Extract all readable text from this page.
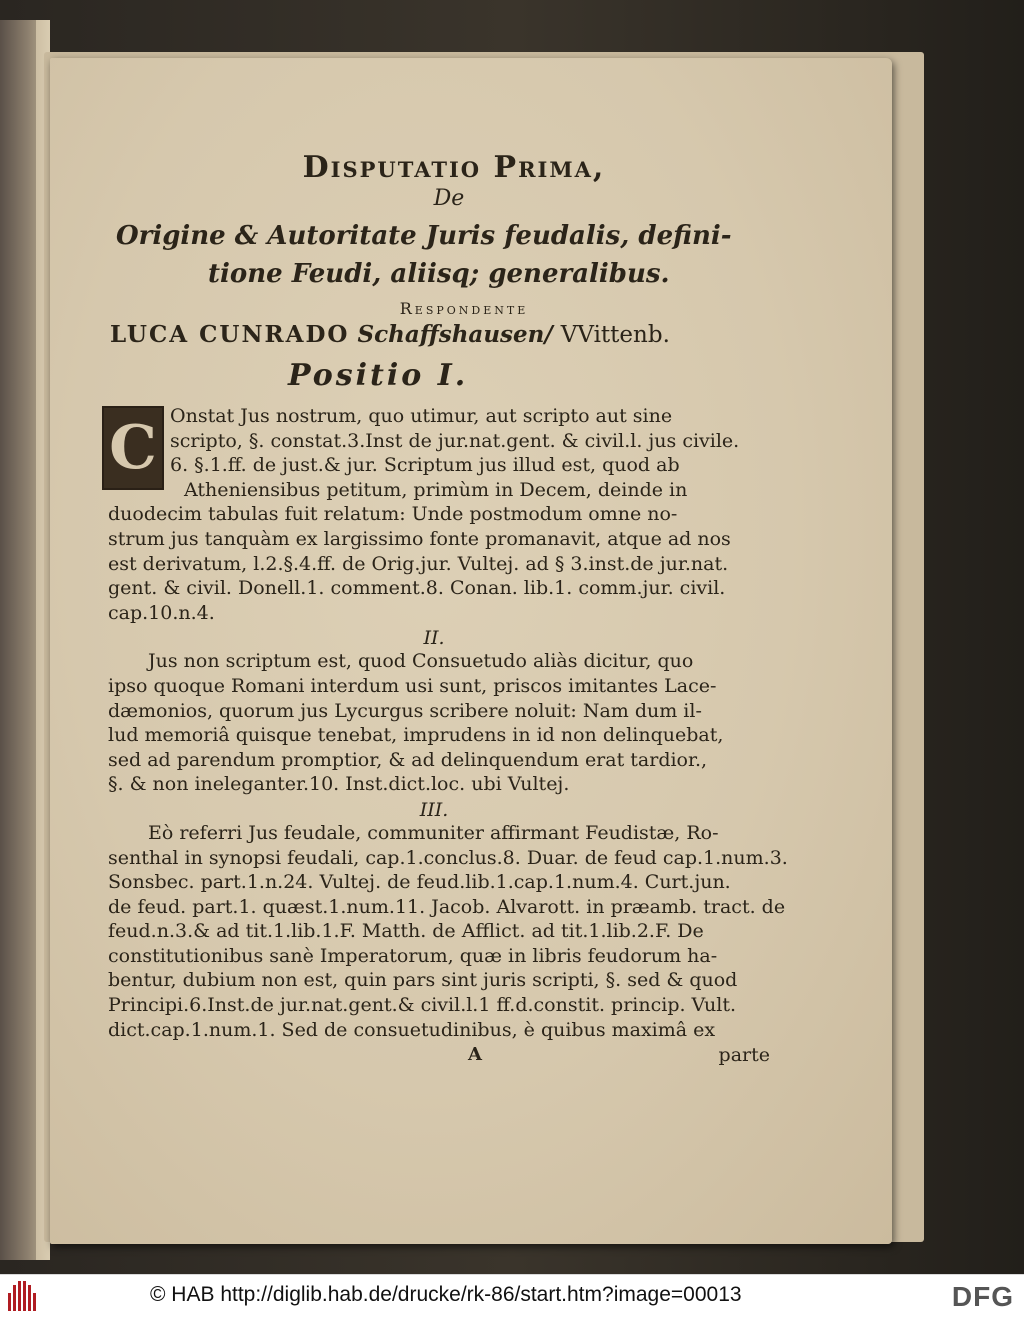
Disputatio Prima,
De
Origine & Autoritate Juris feudalis, defini-
tione Feudi, aliisq; generalibus.
Respondente
LUCA CUNRADO Schaffshausen/ VVittenb.
Positio I.
C Onstat Jus nostrum, quo utimur, aut scripto aut sine
scripto, §. constat.3.Inst de jur.nat.gent. & civil.l. jus civile.
6. §.1.ff. de just.& jur. Scriptum jus illud est, quod ab
Atheniensibus petitum, primùm in Decem, deinde in
duodecim tabulas fuit relatum: Unde postmodum omne no-
strum jus tanquàm ex largissimo fonte promanavit, atque ad nos
est derivatum, l.2.§.4.ff. de Orig.jur. Vultej. ad § 3.inst.de jur.nat.
gent. & civil. Donell.1. comment.8. Conan. lib.1. comm.jur. civil.
cap.10.n.4.

II.

Jus non scriptum est, quod Consuetudo aliàs dicitur, quo
ipso quoque Romani interdum usi sunt, priscos imitantes Lace-
dæmonios, quorum jus Lycurgus scribere noluit: Nam dum il-
lud memoriâ quisque tenebat, imprudens in id non delinquebat,
sed ad parendum promptior, & ad delinquendum erat tardior.,
§. & non ineleganter.10. Inst.dict.loc. ubi Vultej.

III.

Eò referri Jus feudale, communiter affirmant Feudistæ, Ro-
senthal in synopsi feudali, cap.1.conclus.8. Duar. de feud cap.1.num.3.
Sonsbec. part.1.n.24. Vultej. de feud.lib.1.cap.1.num.4. Curt.jun.
de feud. part.1. quæst.1.num.11. Jacob. Alvarott. in præamb. tract. de
feud.n.3.& ad tit.1.lib.1.F. Matth. de Afflict. ad tit.1.lib.2.F. De
constitutionibus sanè Imperatorum, quæ in libris feudorum ha-
bentur, dubium non est, quin pars sint juris scripti, §. sed & quod
Principi.6.Inst.de jur.nat.gent.& civil.l.1 ff.d.constit. princip. Vult.
dict.cap.1.num.1. Sed de consuetudinibus, è quibus maximâ ex

A	parte
© HAB http://diglib.hab.de/drucke/rk-86/start.htm?image=00013	DFG
